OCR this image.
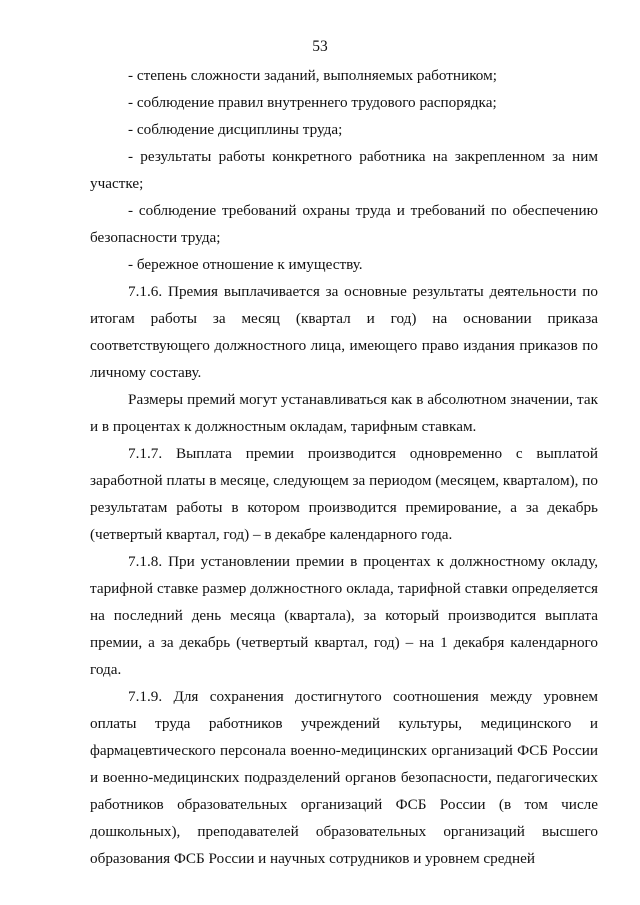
53

- степень сложности заданий, выполняемых работником;

- соблюдение правил внутреннего трудового распорядка;

- соблюдение дисциплины труда;

- результаты работы конкретного работника на закрепленном за ним участке;

- соблюдение требований охраны труда и требований по обеспечению безопасности труда;

- бережное отношение к имуществу.

7.1.6. Премия выплачивается за основные результаты деятельности по итогам работы за месяц (квартал и год) на основании приказа соответствующего должностного лица, имеющего право издания приказов по личному составу.

Размеры премий могут устанавливаться как в абсолютном значении, так и в процентах к должностным окладам, тарифным ставкам.

7.1.7. Выплата премии производится одновременно с выплатой заработной платы в месяце, следующем за периодом (месяцем, кварталом), по результатам работы в котором производится премирование, а за декабрь (четвертый квартал, год) – в декабре календарного года.

7.1.8. При установлении премии в процентах к должностному окладу, тарифной ставке размер должностного оклада, тарифной ставки определяется на последний день месяца (квартала), за который производится выплата премии, а за декабрь (четвертый квартал, год) – на 1 декабря календарного года.

7.1.9. Для сохранения достигнутого соотношения между уровнем оплаты труда работников учреждений культуры, медицинского и фармацевтического персонала военно-медицинских организаций ФСБ России и военно-медицинских подразделений органов безопасности, педагогических работников образовательных организаций ФСБ России (в том числе дошкольных), преподавателей образовательных организаций высшего образования ФСБ России и научных сотрудников и уровнем средней
